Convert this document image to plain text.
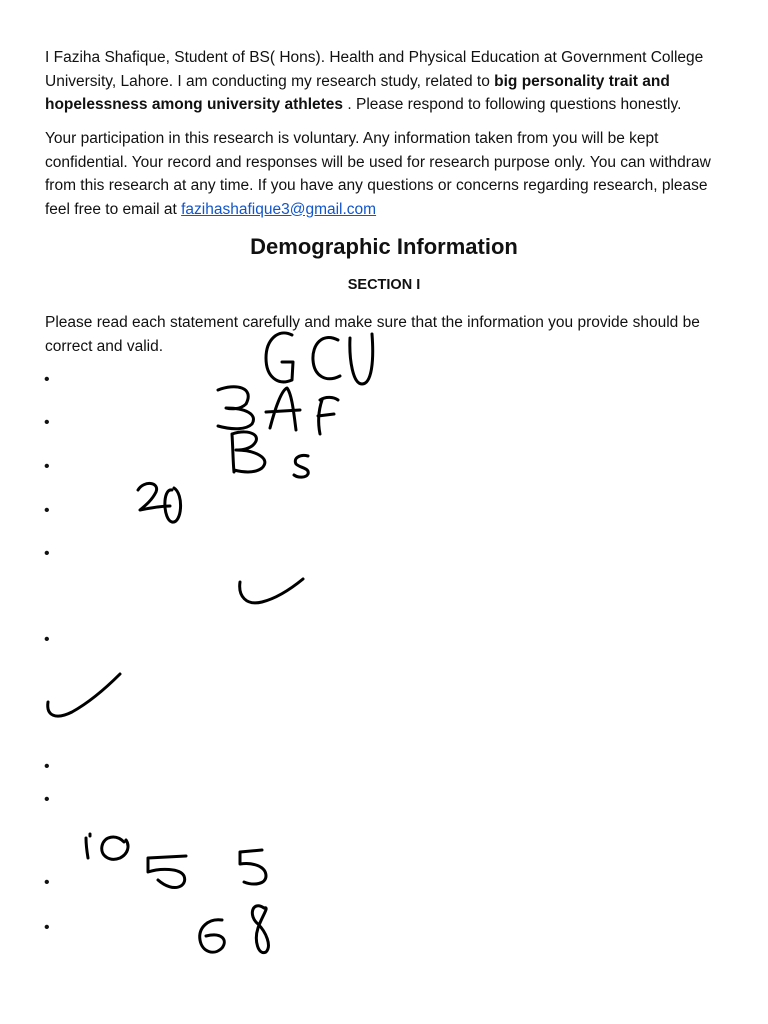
I Faziha Shafique, Student of BS( Hons). Health and Physical Education at Government College University, Lahore. I am conducting my research study, related to big personality trait and hopelessness among university athletes . Please respond to following questions honestly.

Your participation in this research is voluntary. Any information taken from you will be kept confidential. Your record and responses will be used for research purpose only. You can withdraw from this research at any time. If you have any questions or concerns regarding research, please feel free to email at fazihashafique3@gmail.com

Demographic Information
SECTION I

Please read each statement carefully and make sure that the information you provide should be correct and valid.

•
•
•
•
•
•
•
•
•
•
